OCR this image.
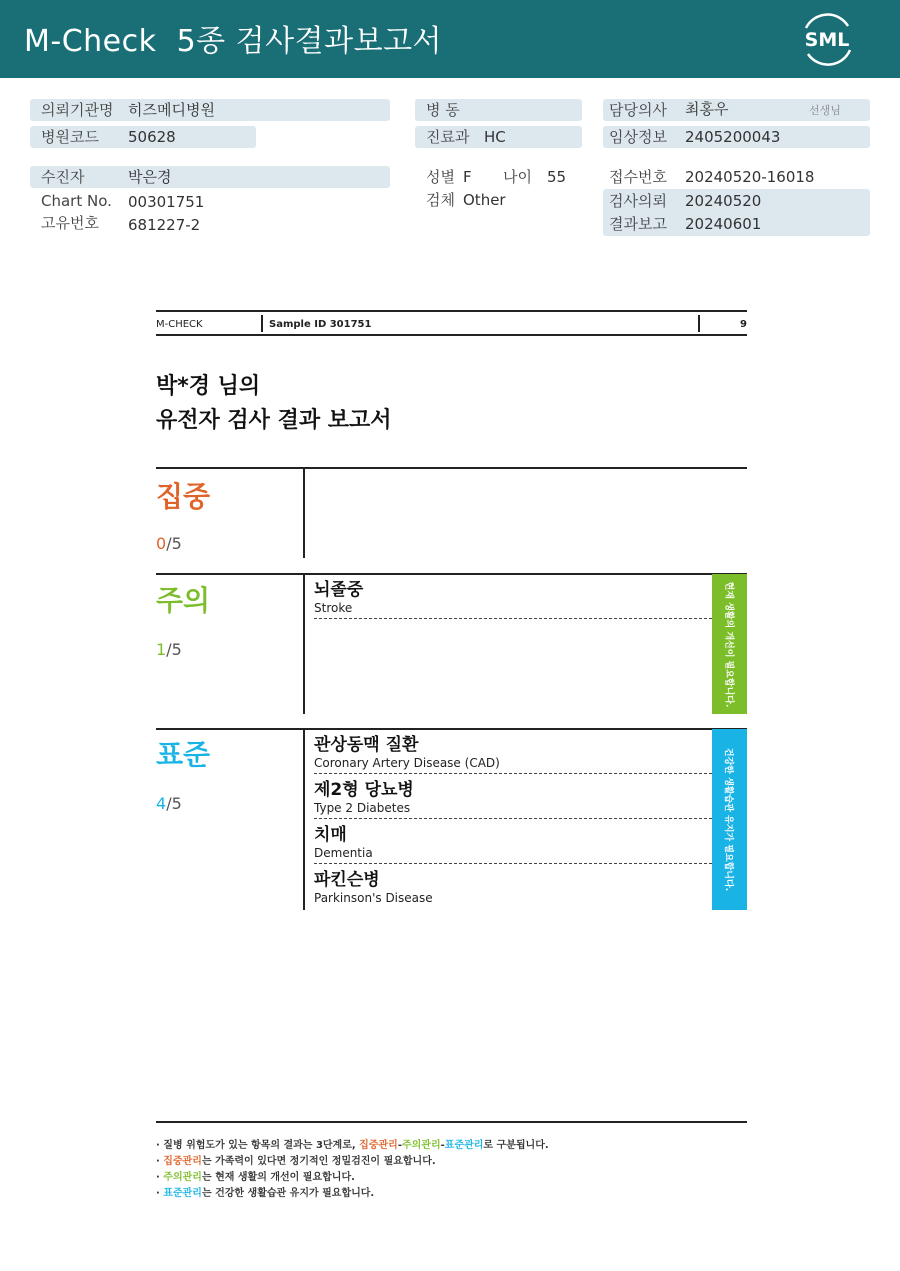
M-Check  5종 검사결과보고서	SML
의뢰기관명 히즈메디병원
병원코드 50628
수진자	박은경
Chart No. 00301751
고유번호 681227-2
병 동
진료과 HC
성별 F 나이 55
검체 Other
담당의사 최홍우	선생님
임상정보 2405200043
접수번호 20240520-16018
검사의뢰 20240520
결과보고 20240601
M-CHECK	Sample ID 301751	9
박*경 님의
유전자 검사 결과 보고서
집중
0/5
주의
1/5
뇌졸중
Stroke	현재 생활의 개선이 필요합니다.
표준
4/5
관상동맥 질환
Coronary Artery Disease (CAD)
제2형 당뇨병
Type 2 Diabetes
치매
Dementia
파킨슨병
Parkinson's Disease
건강한 생활습관 유지가 필요합니다.
· 질병 위험도가 있는 항목의 결과는 3단계로, 집중관리-주의관리-표준관리로 구분됩니다.
· 집중관리는 가족력이 있다면 정기적인 정밀검진이 필요합니다.
· 주의관리는 현재 생활의 개선이 필요합니다.
· 표준관리는 건강한 생활습관 유지가 필요합니다.
